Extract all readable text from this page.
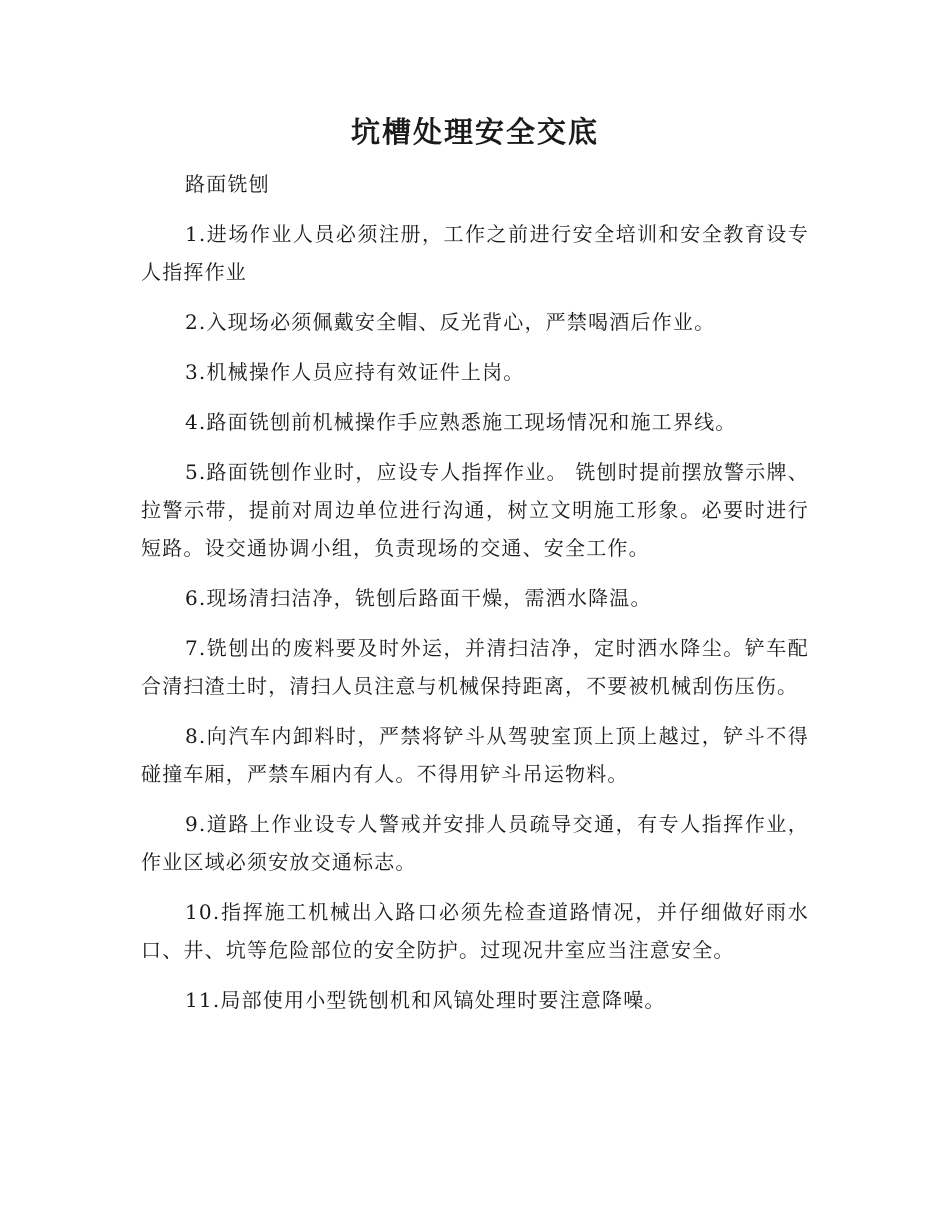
坑槽处理安全交底

路面铣刨

1.进场作业人员必须注册，工作之前进行安全培训和安全教育设专人指挥作业

2.入现场必须佩戴安全帽、反光背心，严禁喝酒后作业。

3.机械操作人员应持有效证件上岗。

4.路面铣刨前机械操作手应熟悉施工现场情况和施工界线。

5.路面铣刨作业时，应设专人指挥作业。 铣刨时提前摆放警示牌、拉警示带，提前对周边单位进行沟通，树立文明施工形象。必要时进行短路。设交通协调小组，负责现场的交通、安全工作。

6.现场清扫洁净，铣刨后路面干燥，需洒水降温。

7.铣刨出的废料要及时外运，并清扫洁净，定时洒水降尘。铲车配合清扫渣土时，清扫人员注意与机械保持距离，不要被机械刮伤压伤。

8.向汽车内卸料时，严禁将铲斗从驾驶室顶上顶上越过，铲斗不得碰撞车厢，严禁车厢内有人。不得用铲斗吊运物料。

9.道路上作业设专人警戒并安排人员疏导交通，有专人指挥作业，作业区域必须安放交通标志。

10.指挥施工机械出入路口必须先检查道路情况，并仔细做好雨水口、井、坑等危险部位的安全防护。过现况井室应当注意安全。

11.局部使用小型铣刨机和风镐处理时要注意降噪。
